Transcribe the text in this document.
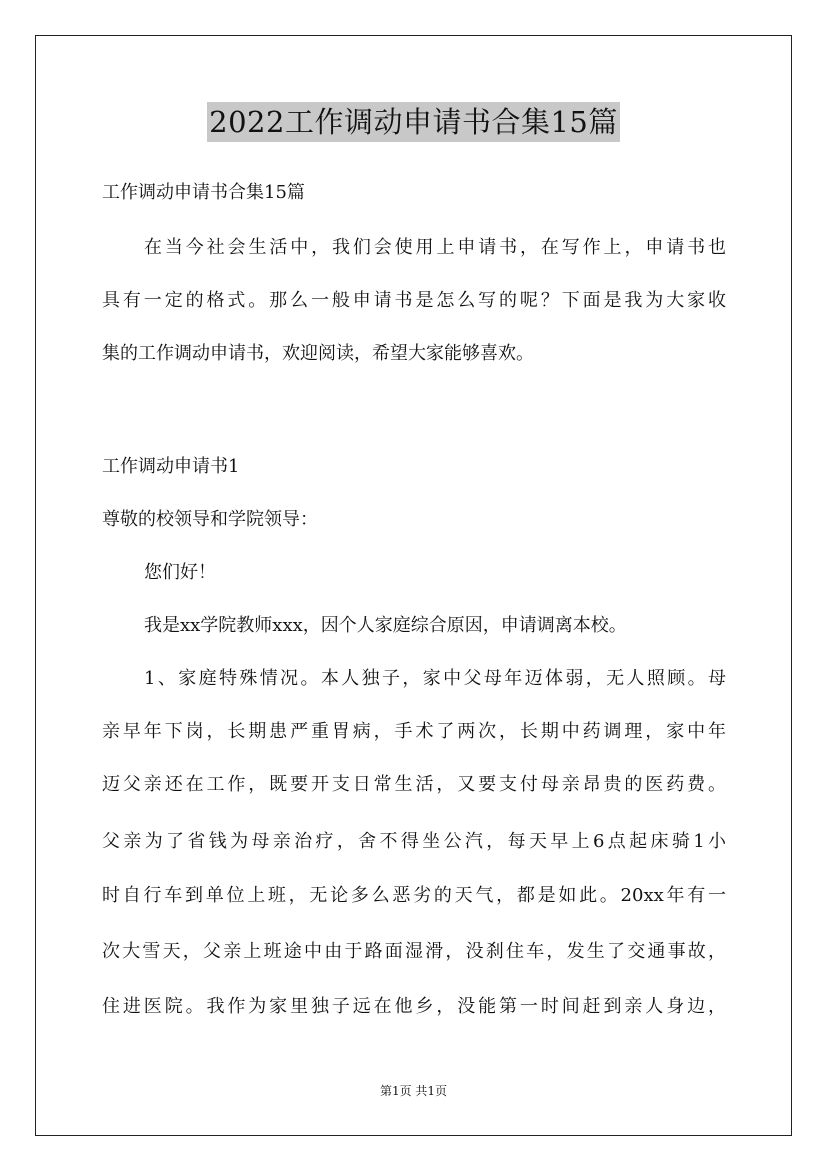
2022工作调动申请书合集15篇

工作调动申请书合集15篇

在当今社会生活中，我们会使用上申请书，在写作上，申请书也

具有一定的格式。那么一般申请书是怎么写的呢？下面是我为大家收

集的工作调动申请书，欢迎阅读，希望大家能够喜欢。

工作调动申请书1

尊敬的校领导和学院领导：

您们好！

我是xx学院教师xxx，因个人家庭综合原因，申请调离本校。

1、家庭特殊情况。本人独子，家中父母年迈体弱，无人照顾。母

亲早年下岗，长期患严重胃病，手术了两次，长期中药调理，家中年

迈父亲还在工作，既要开支日常生活，又要支付母亲昂贵的医药费。

父亲为了省钱为母亲治疗，舍不得坐公汽，每天早上6点起床骑1小

时自行车到单位上班，无论多么恶劣的天气，都是如此。20xx年有一

次大雪天，父亲上班途中由于路面湿滑，没刹住车，发生了交通事故，

住进医院。我作为家里独子远在他乡，没能第一时间赶到亲人身边，

第1页 共1页
